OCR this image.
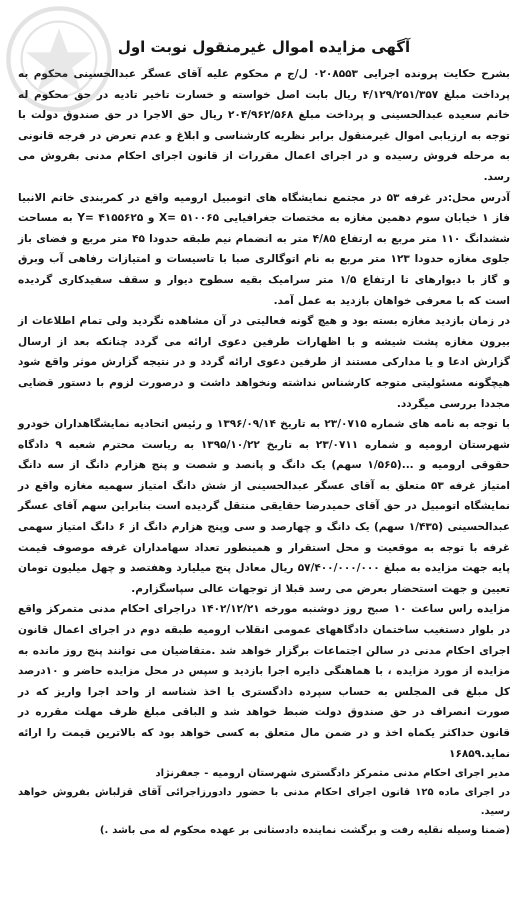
آگهی مزایده اموال غیرمنقول نوبت اول

بشرح حکایت پرونده اجرایی ۰۲۰۸۵۵۳ ل/ج م محکوم علیه آقای عسگر عبدالحسینی محکوم به پرداخت مبلغ ۴/۱۲۹/۲۵۱/۳۵۷ ریال بابت اصل خواسته و خسارت تاخیر تادیه در حق محکوم له خانم سعیده عبدالحسینی و پرداخت مبلغ ۲۰۴/۹۶۲/۵۶۸ ریال حق الاجرا در حق صندوق دولت با توجه به ارزیابی اموال غیرمنقول برابر نظریه کارشناسی و ابلاغ و عدم تعرض در فرجه قانونی به مرحله فروش رسیده و در اجرای اعمال مقررات از قانون اجرای احکام مدنی بفروش می رسد.

آدرس محل:در غرفه ۵۳ در مجتمع نمایشگاه های اتومبیل ارومیه واقع در کمربندی خاتم الانبیا فاز ۱ خیابان سوم دهمین مغازه به مختصات جغرافیایی ۵۱۰۰۶۵ =X و ۴۱۵۵۶۲۵ =Y به مساحت ششدانگ ۱۱۰ متر مربع به ارتفاع ۴/۸۵ متر به انضمام نیم طبقه حدودا ۴۵ متر مربع و فضای باز جلوی مغازه حدودا ۱۲۳ متر مربع به نام اتوگالری صبا با تاسیسات و امتیازات رفاهی آب وبرق و گاز با دیوارهای تا ارتفاع ۱/۵ متر سرامیک بقیه سطوح دیوار و سقف سفیدکاری گردیده است که با معرفی خواهان بازدید به عمل آمد.

در زمان بازدید مغازه بسته بود و هیچ گونه فعالیتی در آن مشاهده نگردید ولی تمام اطلاعات از بیرون مغازه پشت شیشه و با اظهارات طرفین دعوی ارائه می گردد چنانکه بعد از ارسال گزارش ادعا و یا مدارکی مستند از طرفین دعوی ارائه گردد و در نتیجه گزارش موثر واقع شود هیچگونه مسئولیتی متوجه کارشناس نداشته ونخواهد داشت و درصورت لزوم با دستور قضایی مجددا بررسی میگردد.

با توجه به نامه های شماره ۲۳/۰۷۱۵ به تاریخ ۱۳۹۶/۰۹/۱۴ و رئیس اتحادیه نمایشگاهداران خودرو شهرستان ارومیه و شماره ۲۳/۰۷۱۱ به تاریخ ۱۳۹۵/۱۰/۲۲ به ریاست محترم شعبه ۹ دادگاه حقوقی ارومیه و ...(۱/۵۶۵ سهم) یک دانگ و پانصد و شصت و پنج هزارم دانگ از سه دانگ امتیاز غرفه ۵۳ متعلق به آقای عسگر عبدالحسینی از شش دانگ امتیاز سهمیه مغازه واقع در نمایشگاه اتومبیل در حق آقای حمیدرضا حقایقی منتقل گردیده است بنابراین سهم آقای عسگر عبدالحسینی (۱/۴۳۵ سهم) یک دانگ و چهارصد و سی وپنج هزارم دانگ از ۶ دانگ امتیاز سهمی غرفه با توجه به موقعیت و محل استقرار و همینطور تعداد سهامداران غرفه موصوف قیمت پایه جهت مزایده به مبلغ ۵۷/۴۰۰/۰۰۰/۰۰۰ ریال معادل پنج میلیارد وهفتصد و چهل میلیون تومان تعیین و جهت استحضار بعرض می رسد قبلا از توجهات عالی سپاسگزارم.

مزایده راس ساعت ۱۰ صبح روز دوشنبه مورخه ۱۴۰۲/۱۲/۲۱ دراجرای احکام مدنی متمرکز واقع در بلوار دستغیب ساختمان دادگاههای عمومی انقلاب ارومیه طبقه دوم در اجرای اعمال قانون اجرای احکام مدنی در سالن اجتماعات برگزار خواهد شد .متقاضیان می توانند پنج روز مانده به مزایده از مورد مزایده ، با هماهنگی دایره اجرا بازدید و سپس در محل مزایده حاضر و ۱۰درصد کل مبلغ فی المجلس به حساب سپرده دادگستری با اخذ شناسه از واحد اجرا واریز که در صورت انصراف در حق صندوق دولت ضبط خواهد شد و الباقی مبلغ ظرف مهلت مقرره در قانون حداکثر یکماه اخذ و در ضمن مال متعلق به کسی خواهد بود که بالاترین قیمت را ارائه نماید.۱۶۸۵۹

مدیر اجرای احکام مدنی متمرکز دادگستری شهرستان ارومیه - جعفرنژاد

در اجرای ماده ۱۲۵ قانون اجرای احکام مدنی با حضور دادورزاجرائی آقای قزلباش بفروش خواهد رسید.

(ضمنا وسیله نقلیه رفت و برگشت نماینده دادستانی بر عهده محکوم له می باشد .)
